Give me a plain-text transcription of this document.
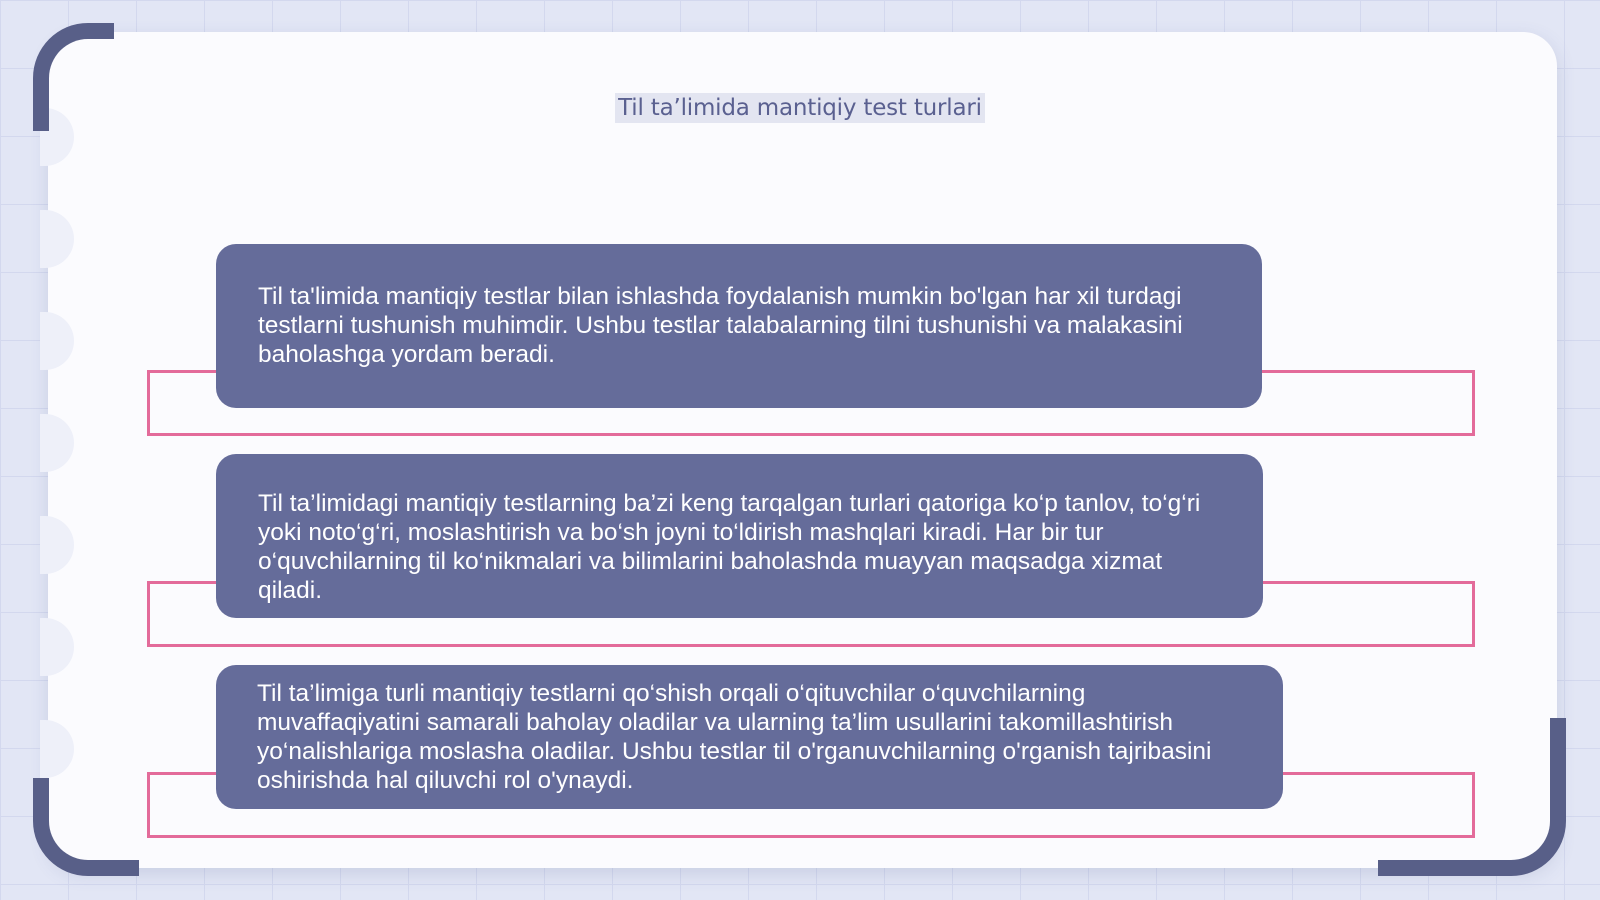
Til ta’limida mantiqiy test turlari
Til ta'limida mantiqiy testlar bilan ishlashda foydalanish mumkin bo'lgan har xil turdagi testlarni tushunish muhimdir. Ushbu testlar talabalarning tilni tushunishi va malakasini baholashga yordam beradi.
Til ta’limidagi mantiqiy testlarning ba’zi keng tarqalgan turlari qatoriga ko‘p tanlov, to‘g‘ri yoki noto‘g‘ri, moslashtirish va bo‘sh joyni to‘ldirish mashqlari kiradi. Har bir tur o‘quvchilarning til ko‘nikmalari va bilimlarini baholashda muayyan maqsadga xizmat qiladi.
Til ta’limiga turli mantiqiy testlarni qo‘shish orqali o‘qituvchilar o‘quvchilarning muvaffaqiyatini samarali baholay oladilar va ularning ta’lim usullarini takomillashtirish yo‘nalishlariga moslasha oladilar. Ushbu testlar til o'rganuvchilarning o'rganish tajribasini oshirishda hal qiluvchi rol o'ynaydi.
